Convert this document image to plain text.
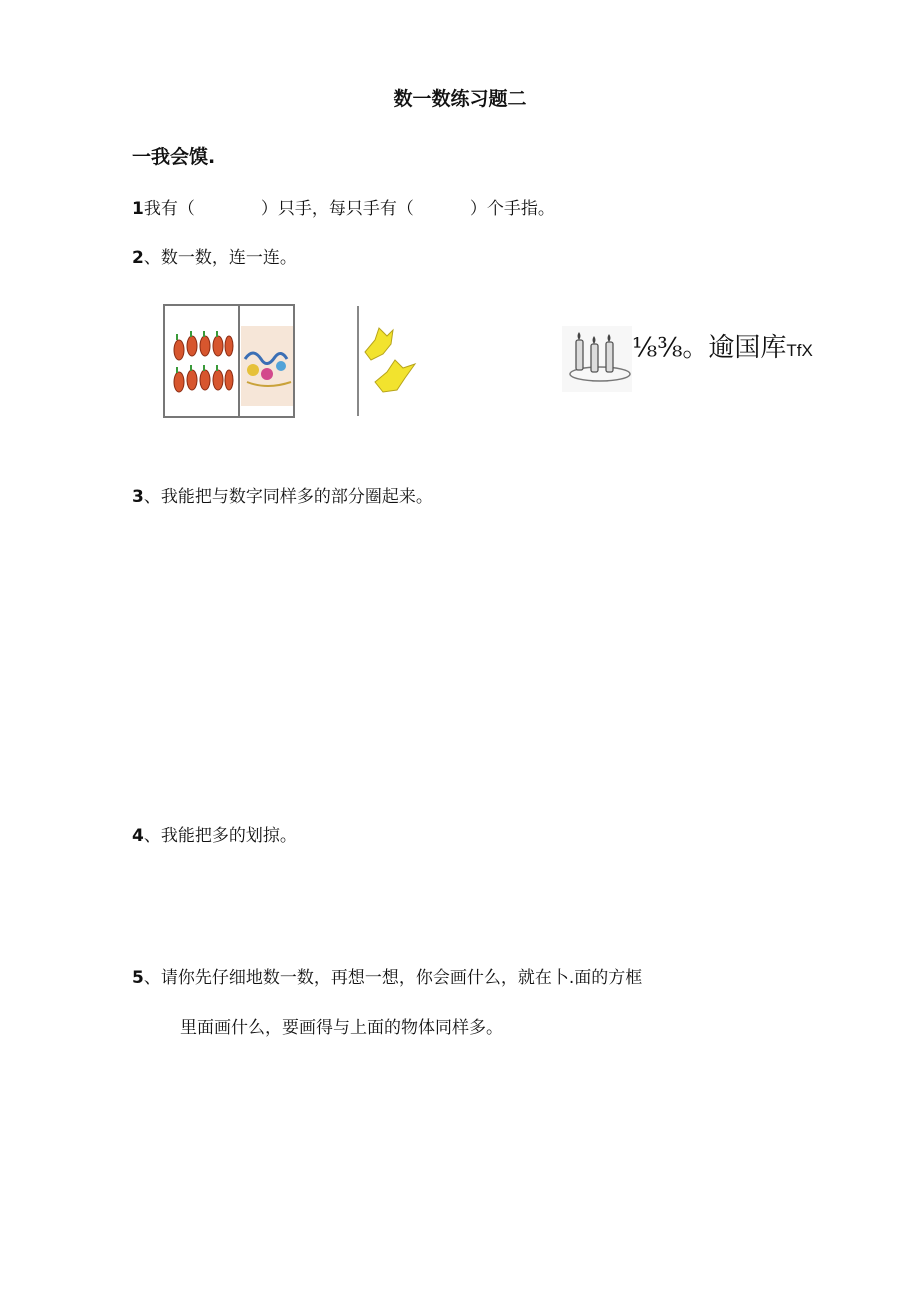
数一数练习题二
一我会馍.
1我有（	）只手，每只手有（	）个手指。
2、数一数，连一连。
⅛⅜。逾国库TfX
3、我能把与数字同样多的部分圈起来。
4、我能把多的划掠。
5、请你先仔细地数一数，再想一想，你会画什么，就在卜.面的方框
里面画什么，要画得与上面的物体同样多。
